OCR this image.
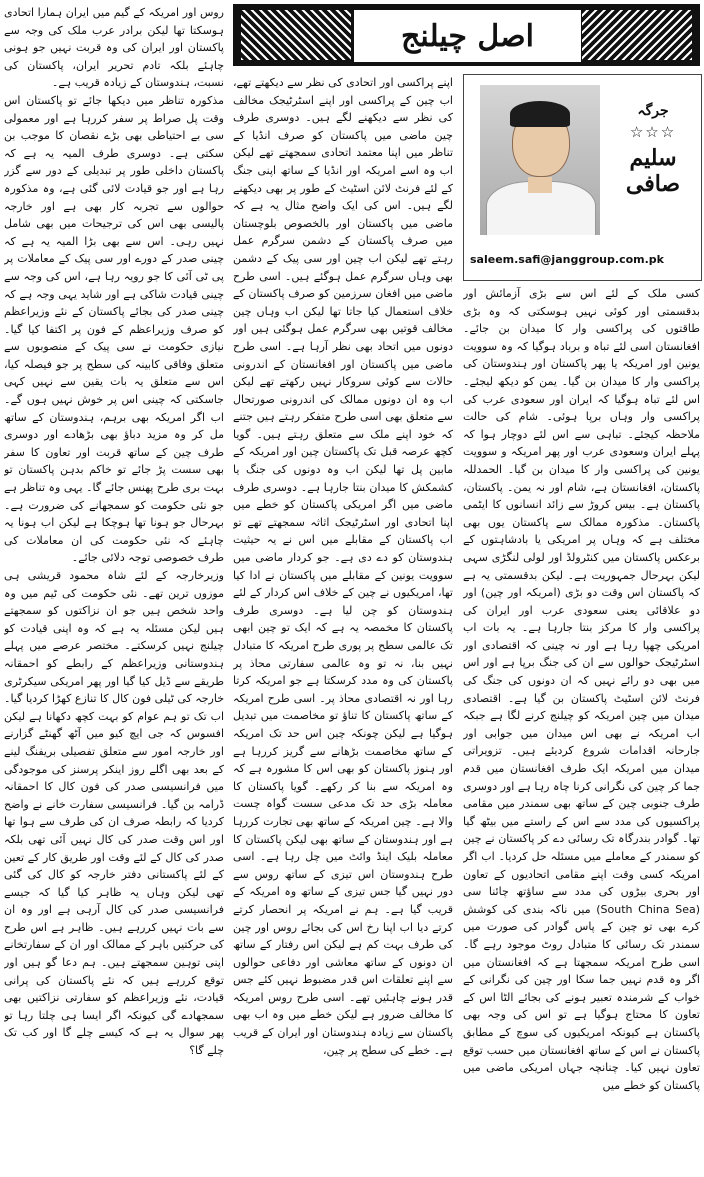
اصل چیلنج
جرگہ
☆☆☆
سلیم صافی
saleem.safi@janggroup.com.pk

کسی ملک کے لئے اس سے بڑی آزمائش اور بدقسمتی اور کوئی نہیں ہوسکتی کہ وہ بڑی طاقتوں کی پراکسی وار کا میدان بن جائے۔ افغانستان اسی لئے تباہ و برباد ہوگیا کہ وہ سوویت یونین اور امریکہ یا پھر پاکستان اور ہندوستان کی پراکسی وار کا میدان بن گیا۔ یمن کو دیکھ لیجئے۔ اس لئے تباہ ہوگیا کہ ایران اور سعودی عرب کی پراکسی وار وہاں برپا ہوئی۔ شام کی حالت ملاحظہ کیجئے۔ تباہی سے اس لئے دوچار ہوا کہ پہلے ایران وسعودی عرب اور پھر امریکہ و سوویت یونین کی پراکسی وار کا میدان بن گیا۔ الحمدللہ پاکستان، افغانستان ہے، شام اور نہ یمن۔ پاکستان، پاکستان ہے۔ بیس کروڑ سے زائد انسانوں کا ایٹمی پاکستان۔ مذکورہ ممالک سے پاکستان یوں بھی مختلف ہے کہ وہاں پر امریکی یا بادشاہتوں کے برعکس پاکستان میں کنٹرولڈ اور لولی لنگڑی سہی لیکن بہرحال جمہوریت ہے۔ لیکن بدقسمتی یہ ہے کہ پاکستان اس وقت دو بڑی (امریکہ اور چین) اور دو علاقائی یعنی سعودی عرب اور ایران کی پراکسی وار کا مرکز بنتا جارہا ہے۔ یہ بات اب امریکی چھپا رہا ہے اور نہ چینی کہ اقتصادی اور اسٹرٹیجک حوالوں سے ان کی جنگ برپا ہے اور اس میں بھی دو رائے نہیں کہ ان دونوں کی جنگ کی فرنٹ لائن اسٹیٹ پاکستان بن گیا ہے۔ اقتصادی میدان میں چین امریکہ کو چیلنج کرنے لگا ہے جبکہ اب امریکہ نے بھی اس میدان میں جوابی اور جارحانہ اقدامات شروع کردیئے ہیں۔ تزویراتی میدان میں امریکہ ایک طرف افغانستان میں قدم جما کر چین کی نگرانی کرنا چاہ رہا ہے اور دوسری طرف جنوبی چین کے ساتھ بھی سمندر میں مقامی پراکسیوں کی مدد سے اس کے راستے میں بیٹھ گیا تھا۔ گوادر بندرگاہ تک رسائی دے کر پاکستان نے چین کو سمندر کے معاملے میں مسئلہ حل کردیا۔ اب اگر امریکہ کسی وقت اپنے مقامی اتحادیوں کے تعاون اور بحری بیڑوں کی مدد سے ساؤتھ چائنا سی (South China Sea) میں ناکہ بندی کی کوشش کرے بھی تو چین کے پاس گوادر کی صورت میں سمندر تک رسائی کا متبادل روٹ موجود رہے گا۔ اسی طرح امریکہ سمجھتا ہے کہ افغانستان میں اگر وہ قدم نہیں جما سکا اور چین کی نگرانی کے خواب کے شرمندہ تعبیر ہونے کی بجائے الٹا اس کے تعاون کا محتاج ہوگیا ہے تو اس کی وجہ بھی پاکستان ہے کیونکہ امریکیوں کی سوچ کے مطابق پاکستان نے اس کے ساتھ افغانستان میں حسب توقع تعاون نہیں کیا۔ چنانچہ جہاں امریکی ماضی میں پاکستان کو خطے میں

اپنے پراکسی اور اتحادی کی نظر سے دیکھتے تھے، اب چین کے پراکسی اور اپنے اسٹرٹیجک مخالف کی نظر سے دیکھنے لگے ہیں۔ دوسری طرف چین ماضی میں پاکستان کو صرف انڈیا کے تناظر میں اپنا معتمد اتحادی سمجھتے تھے لیکن اب وہ اسے امریکہ اور انڈیا کے ساتھ اپنی جنگ کے لئے فرنٹ لائن اسٹیٹ کے طور پر بھی دیکھنے لگے ہیں۔ اس کی ایک واضح مثال یہ ہے کہ ماضی میں پاکستان اور بالخصوص بلوچستان میں صرف پاکستان کے دشمن سرگرم عمل رہتے تھے لیکن اب چین اور سی پیک کے دشمن بھی وہاں سرگرم عمل ہوگئے ہیں۔ اسی طرح ماضی میں افغان سرزمین کو صرف پاکستان کے خلاف استعمال کیا جاتا تھا لیکن اب وہاں چین مخالف قوتیں بھی سرگرم عمل ہوگئی ہیں اور دونوں میں اتحاد بھی نظر آرہا ہے۔ اسی طرح ماضی میں پاکستان اور افغانستان کے اندرونی حالات سے کوئی سروکار نہیں رکھتے تھے لیکن اب وہ ان دونوں ممالک کی اندرونی صورتحال سے متعلق بھی اسی طرح متفکر رہتے ہیں جتنے کہ خود اپنے ملک سے متعلق رہتے ہیں۔ گویا کچھ عرصہ قبل تک پاکستان چین اور امریکہ کے مابین پل تھا لیکن اب وہ دونوں کی جنگ یا کشمکش کا میدان بنتا جارہا ہے۔ دوسری طرف ماضی میں اگر امریکی پاکستان کو خطے میں اپنا اتحادی اور اسٹرٹیجک اثاثہ سمجھتے تھے تو اب پاکستان کے مقابلے میں اس نے یہ حیثیت ہندوستان کو دے دی ہے۔ جو کردار ماضی میں سوویت یونین کے مقابلے میں پاکستان نے ادا کیا تھا، امریکیوں نے چین کے خلاف اس کردار کے لئے ہندوستان کو چن لیا ہے۔ دوسری طرف پاکستان کا مخمصہ یہ ہے کہ ایک تو چین ابھی تک عالمی سطح پر پوری طرح امریکہ کا متبادل نہیں بنا، نہ تو وہ عالمی سفارتی محاذ پر پاکستان کی وہ مدد کرسکتا ہے جو امریکہ کرتا رہا اور نہ اقتصادی محاذ پر۔ اسی طرح امریکہ کے ساتھ پاکستان کا تناؤ تو مخاصمت میں تبدیل ہوگیا ہے لیکن چونکہ چین اس حد تک امریکہ کے ساتھ مخاصمت بڑھانے سے گریز کررہا ہے اور ہنوز پاکستان کو بھی اس کا مشورہ ہے کہ وہ امریکہ سے بنا کر رکھے۔ گویا پاکستان کا معاملہ بڑی حد تک مدعی سست گواہ چست والا ہے۔ چین امریکہ کے ساتھ بھی تجارت کررہا ہے اور ہندوستان کے ساتھ بھی لیکن پاکستان کا معاملہ بلیک اینڈ وائٹ میں چل رہا ہے۔ اسی طرح ہندوستان اس تیزی کے ساتھ روس سے دور نہیں گیا جس تیزی کے ساتھ وہ امریکہ کے قریب گیا ہے۔ ہم نے امریکہ پر انحصار کرتے کرتے دیا اب اپنا رخ اس کی بجائے روس اور چین کی طرف بہت کم ہے لیکن اس رفتار کے ساتھ ان دونوں کے ساتھ معاشی اور دفاعی حوالوں سے اپنے تعلقات اس قدر مضبوط نہیں کئے جس قدر ہونے چاہئیں تھے۔ اسی طرح روس امریکہ کا مخالف ضرور ہے لیکن خطے میں وہ اب بھی پاکستان سے زیادہ ہندوستان اور ایران کے قریب ہے۔ خطے کی سطح پر چین،

روس اور امریکہ کے گیم میں ایران ہمارا اتحادی ہوسکتا تھا لیکن برادر عرب ملک کی وجہ سے پاکستان اور ایران کی وہ قربت نہیں جو ہونی چاہئے بلکہ تادم تحریر ایران، پاکستان کی نسبت، ہندوستان کے زیادہ قریب ہے۔

مذکورہ تناظر میں دیکھا جائے تو پاکستان اس وقت پل صراط پر سفر کررہا ہے اور معمولی سی بے احتیاطی بھی بڑے نقصان کا موجب بن سکتی ہے۔ دوسری طرف المیہ یہ ہے کہ پاکستان داخلی طور پر تبدیلی کے دور سے گزر رہا ہے اور جو قیادت لائی گئی ہے، وہ مذکورہ حوالوں سے تجربہ کار بھی ہے اور خارجہ پالیسی بھی اس کی ترجیحات میں بھی شامل نہیں رہی۔ اس سے بھی بڑا المیہ یہ ہے کہ چینی صدر کے دورے اور سی پیک کے معاملات پر پی ٹی آئی کا جو رویہ رہا ہے، اس کی وجہ سے چینی قیادت شاکی ہے اور شاید یہی وجہ ہے کہ چینی صدر کی بجائے پاکستان کے نئے وزیراعظم کو صرف وزیراعظم کے فون پر اکتفا کیا گیا۔ نیازی حکومت نے سی پیک کے منصوبوں سے متعلق وفاقی کابینہ کی سطح پر جو فیصلہ کیا، اس سے متعلق یہ بات یقین سے نہیں کہی جاسکتی کہ چینی اس پر خوش نہیں ہوں گے۔ اب اگر امریکہ بھی برہم، ہندوستان کے ساتھ مل کر وہ مزید دباؤ بھی بڑھادے اور دوسری طرف چین کے ساتھ قربت اور تعاون کا سفر بھی سست پڑ جائے تو خاکم بدہن پاکستان تو بہت بری طرح پھنس جائے گا۔ یہی وہ تناظر ہے جو نئی حکومت کو سمجھانے کی ضرورت ہے۔ بہرحال جو ہونا تھا ہوچکا ہے لیکن اب ہونا یہ چاہئے کہ نئی حکومت کی ان معاملات کی طرف خصوصی توجہ دلائی جائے۔

وزیرخارجہ کے لئے شاہ محمود قریشی ہی موزوں ترین تھے۔ نئی حکومت کی ٹیم میں وہ واحد شخص ہیں جو ان نزاکتوں کو سمجھتے ہیں لیکن مسئلہ یہ ہے کہ وہ اپنی قیادت کو چیلنج نہیں کرسکتے۔ مختصر عرصے میں پہلے ہندوستانی وزیراعظم کے رابطے کو احمقانہ طریقے سے ڈیل کیا گیا اور پھر امریکی سیکرٹری خارجہ کی ٹیلی فون کال کا تنازع کھڑا کردیا گیا۔ اب تک تو ہم عوام کو بہت کچھ دکھانا ہے لیکن افسوس کہ جی ایچ کیو میں آٹھ گھنٹے گزارنے اور خارجہ امور سے متعلق تفصیلی بریفنگ لینے کے بعد بھی اگلے روز اینکر پرسنز کی موجودگی میں فرانسیسی صدر کی فون کال کا احمقانہ ڈرامہ بن گیا۔ فرانسیسی سفارت خانے نے واضح کردیا کہ رابطہ صرف ان کی طرف سے ہوا تھا اور اس وقت صدر کی کال نہیں آئی تھی بلکہ صدر کی کال کے لئے وقت اور طریق کار کے تعین کے لئے پاکستانی دفتر خارجہ کو کال کی گئی تھی لیکن وہاں یہ ظاہر کیا گیا کہ جیسے فرانسیسی صدر کی کال آرہی ہے اور وہ ان سے بات نہیں کررہے ہیں۔ ظاہر ہے اس طرح کی حرکتیں باہر کے ممالک اور ان کے سفارتخانے اپنی توہین سمجھتے ہیں۔ ہم دعا گو ہیں اور توقع کررہے ہیں کہ نئے پاکستان کی پرانی قیادت، نئے وزیراعظم کو سفارتی نزاکتیں بھی سمجھادے گی کیونکہ اگر ایسا ہی چلتا رہا تو پھر سوال یہ ہے کہ کیسے چلے گا اور کب تک چلے گا؟
